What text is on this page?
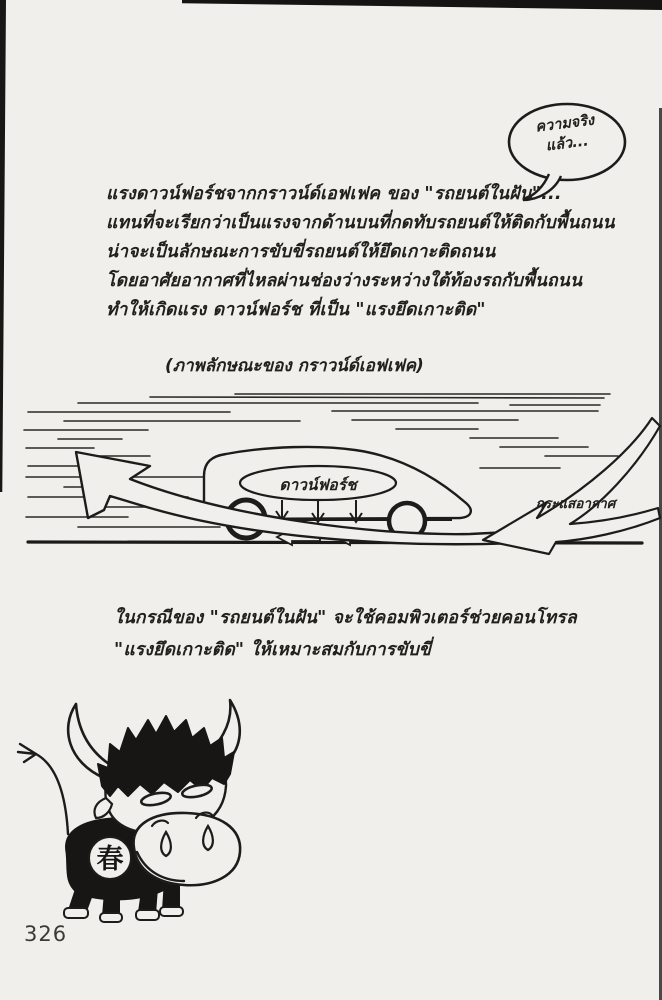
ความจริง
แล้ว...
แรงดาวน์ฟอร์ชจากกราวน์ด์เอฟเฟค ของ "รถยนต์ในฝัน"...
แทนที่จะเรียกว่าเป็นแรงจากด้านบนที่กดทับรถยนต์ให้ติดกับพื้นถนน
น่าจะเป็นลักษณะการขับขี่รถยนต์ให้ยึดเกาะติดถนน
โดยอาศัยอากาศที่ไหลผ่านช่องว่างระหว่างใต้ท้องรถกับพื้นถนน
ทำให้เกิดแรง ดาวน์ฟอร์ช ที่เป็น "แรงยึดเกาะติด"
(ภาพลักษณะของ กราวน์ด์เอฟเฟค)
ดาวน์ฟอร์ช
กระแสอากาศ
ในกรณีของ "รถยนต์ในฝัน" จะใช้คอมพิวเตอร์ช่วยคอนโทรล
"แรงยึดเกาะติด" ให้เหมาะสมกับการขับขี่
春
326
